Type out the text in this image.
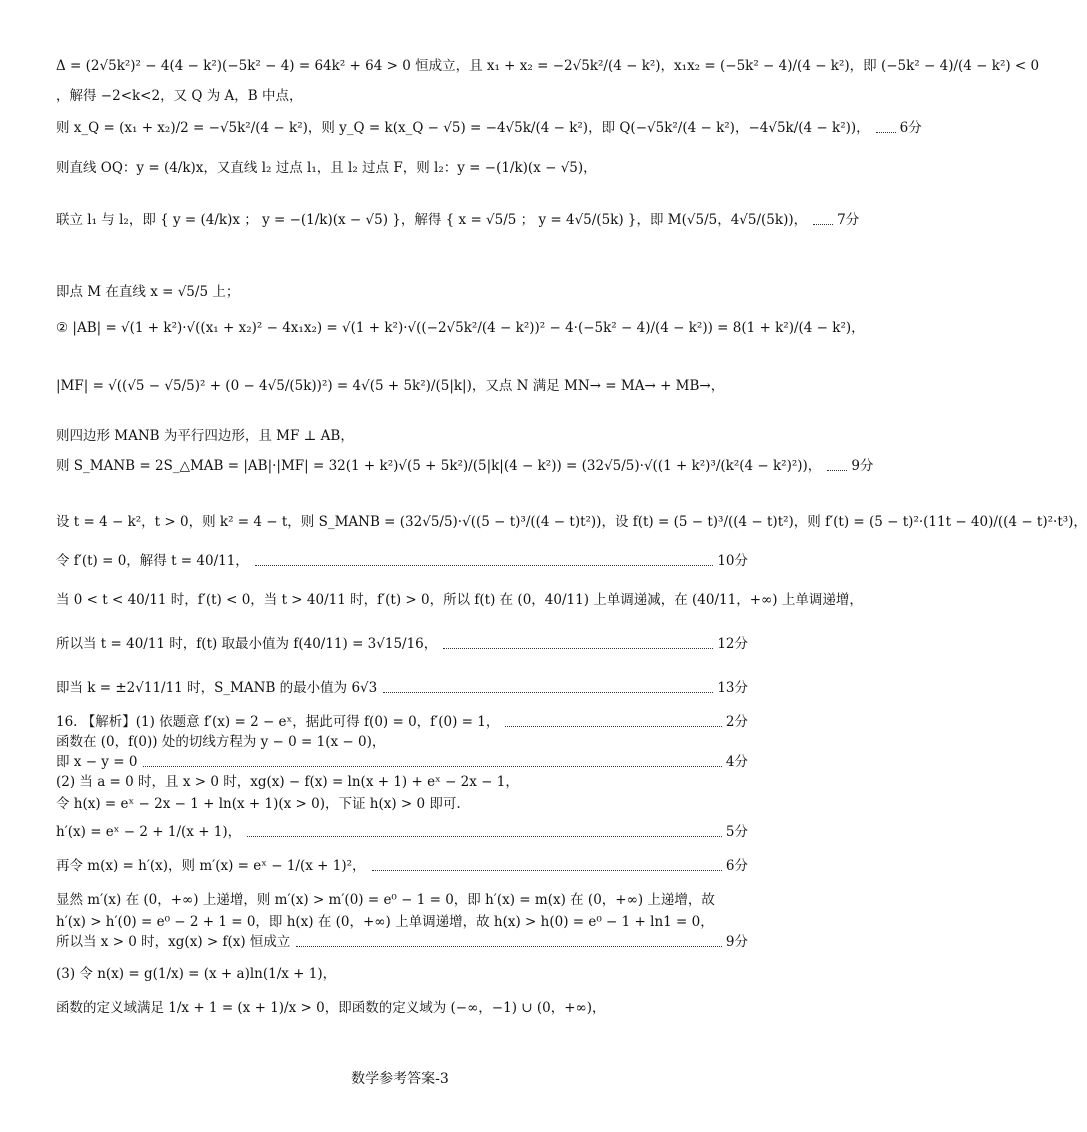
Δ = (2√5k²)² − 4(4 − k²)(−5k² − 4) = 64k² + 64 > 0 恒成立，且 x₁ + x₂ = −2√5k²/(4 − k²)，x₁x₂ = (−5k² − 4)/(4 − k²)，即 (−5k² − 4)/(4 − k²) < 0
，解得 −2<k<2，又 Q 为 A，B 中点，
则 x_Q = (x₁ + x₂)/2 = −√5k²/(4 − k²)，则 y_Q = k(x_Q − √5) = −4√5k/(4 − k²)，即 Q(−√5k²/(4 − k²)，−4√5k/(4 − k²))， 6分
则直线 OQ：y = (4/k)x，又直线 l₂ 过点 l₁，且 l₂ 过点 F，则 l₂：y = −(1/k)(x − √5)，
联立 l₁ 与 l₂，即 { y = (4/k)x ； y = −(1/k)(x − √5) }，解得 { x = √5/5 ； y = 4√5/(5k) }，即 M(√5/5，4√5/(5k))， 7分
即点 M 在直线 x = √5/5 上；
② |AB| = √(1 + k²)·√((x₁ + x₂)² − 4x₁x₂) = √(1 + k²)·√((−2√5k²/(4 − k²))² − 4·(−5k² − 4)/(4 − k²)) = 8(1 + k²)/(4 − k²)，
|MF| = √((√5 − √5/5)² + (0 − 4√5/(5k))²) = 4√(5 + 5k²)/(5|k|)，又点 N 满足 MN→ = MA→ + MB→，
则四边形 MANB 为平行四边形，且 MF ⊥ AB，
则 S_MANB = 2S_△MAB = |AB|·|MF| = 32(1 + k²)√(5 + 5k²)/(5|k|(4 − k²)) = (32√5/5)·√((1 + k²)³/(k²(4 − k²)²))， 9分
设 t = 4 − k²，t > 0，则 k² = 4 − t，则 S_MANB = (32√5/5)·√((5 − t)³/((4 − t)t²))，设 f(t) = (5 − t)³/((4 − t)t²)，则 f′(t) = (5 − t)²·(11t − 40)/((4 − t)²·t³)，
令 f′(t) = 0，解得 t = 40/11，	10分
当 0 < t < 40/11 时，f′(t) < 0，当 t > 40/11 时，f′(t) > 0，所以 f(t) 在 (0，40/11) 上单调递减，在 (40/11，+∞) 上单调递增，
所以当 t = 40/11 时，f(t) 取最小值为 f(40/11) = 3√15/16，	12分
即当 k = ±2√11/11 时，S_MANB 的最小值为 6√3	13分
16. 【解析】(1) 依题意 f′(x) = 2 − eˣ，据此可得 f(0) = 0，f′(0) = 1，	2分
函数在 (0，f(0)) 处的切线方程为 y − 0 = 1(x − 0)，
即 x − y = 0	4分
(2) 当 a = 0 时，且 x > 0 时，xg(x) − f(x) = ln(x + 1) + eˣ − 2x − 1，
令 h(x) = eˣ − 2x − 1 + ln(x + 1)(x > 0)，下证 h(x) > 0 即可.
h′(x) = eˣ − 2 + 1/(x + 1)，	5分
再令 m(x) = h′(x)，则 m′(x) = eˣ − 1/(x + 1)²，	6分
显然 m′(x) 在 (0，+∞) 上递增，则 m′(x) > m′(0) = e⁰ − 1 = 0，即 h′(x) = m(x) 在 (0，+∞) 上递增，故
h′(x) > h′(0) = e⁰ − 2 + 1 = 0，即 h(x) 在 (0，+∞) 上单调递增，故 h(x) > h(0) = e⁰ − 1 + ln1 = 0，
所以当 x > 0 时，xg(x) > f(x) 恒成立	9分
(3) 令 n(x) = g(1/x) = (x + a)ln(1/x + 1)，
函数的定义域满足 1/x + 1 = (x + 1)/x > 0，即函数的定义域为 (−∞，−1) ∪ (0，+∞)，
数学参考答案-3
